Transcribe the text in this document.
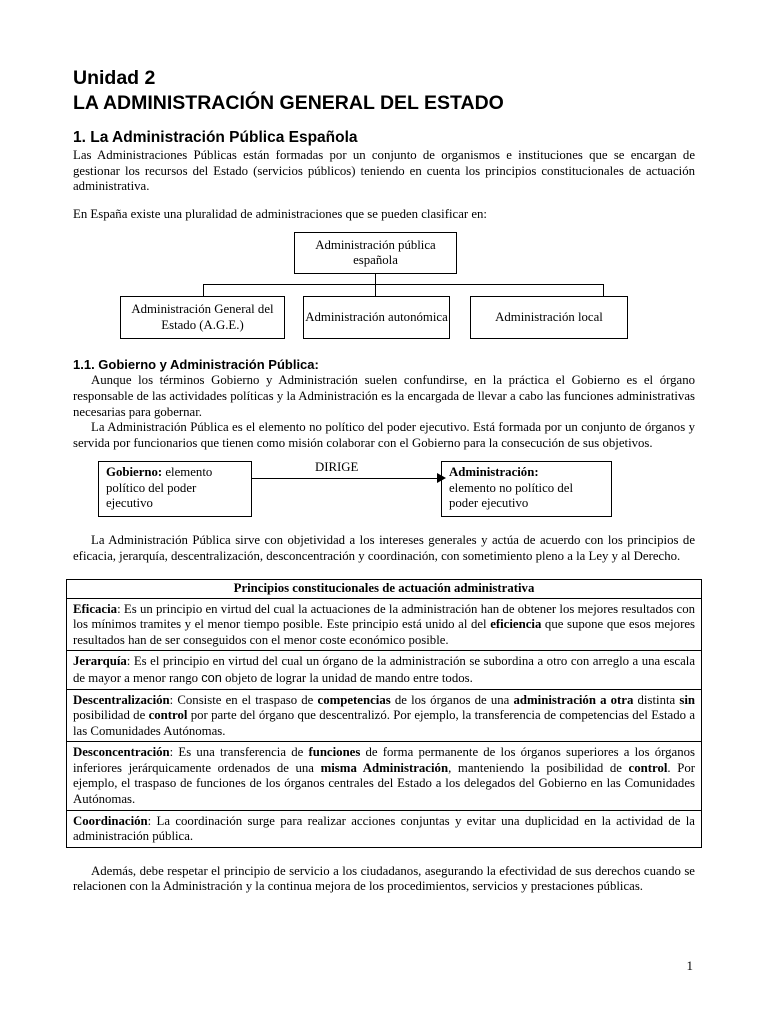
Unidad 2
LA ADMINISTRACIÓN GENERAL DEL ESTADO
1. La Administración Pública Española

Las Administraciones Públicas están formadas por un conjunto de organismos e instituciones que se encargan de gestionar los recursos del Estado (servicios públicos) teniendo en cuenta los principios constitucionales de actuación administrativa.

En España existe una pluralidad de administraciones que se pueden clasificar en:

Administración pública española
Administración General del Estado (A.G.E.)
Administración autonómica	Administración local
1.1. Gobierno y Administración Pública:

Aunque los términos Gobierno y Administración suelen confundirse, en la práctica el Gobierno es el órgano responsable de las actividades políticas y la Administración es la encargada de llevar a cabo las funciones administrativas necesarias para gobernar.

La Administración Pública es el elemento no político del poder ejecutivo. Está formada por un conjunto de órganos y servida por funcionarios que tienen como misión colaborar con el Gobierno para la consecución de sus objetivos.

Gobierno: elemento político del poder ejecutivo
DIRIGE	Administración:
elemento no político del poder ejecutivo

La Administración Pública sirve con objetividad a los intereses generales y actúa de acuerdo con los principios de eficacia, jerarquía, descentralización, desconcentración y coordinación, con sometimiento pleno a la Ley y al Derecho.

Principios constitucionales de actuación administrativa
Eficacia: Es un principio en virtud del cual la actuaciones de la administración han de obtener los mejores resultados con los mínimos tramites y el menor tiempo posible. Este principio está unido al del eficiencia que supone que esos mejores resultados han de ser conseguidos con el menor coste económico posible.
Jerarquía: Es el principio en virtud del cual un órgano de la administración se subordina a otro con arreglo a una escala de mayor a menor rango con objeto de lograr la unidad de mando entre todos.
Descentralización: Consiste en el traspaso de competencias de los órganos de una administración a otra distinta sin posibilidad de control por parte del órgano que descentralizó. Por ejemplo, la transferencia de competencias del Estado a las Comunidades Autónomas.
Desconcentración: Es una transferencia de funciones de forma permanente de los órganos superiores a los órganos inferiores jerárquicamente ordenados de una misma Administración, manteniendo la posibilidad de control. Por ejemplo, el traspaso de funciones de los órganos centrales del Estado a los delegados del Gobierno en las Comunidades Autónomas.
Coordinación: La coordinación surge para realizar acciones conjuntas y evitar una duplicidad en la actividad de la administración pública.

Además, debe respetar el principio de servicio a los ciudadanos, asegurando la efectividad de sus derechos cuando se relacionen con la Administración y la continua mejora de los procedimientos, servicios y prestaciones públicas.

1
